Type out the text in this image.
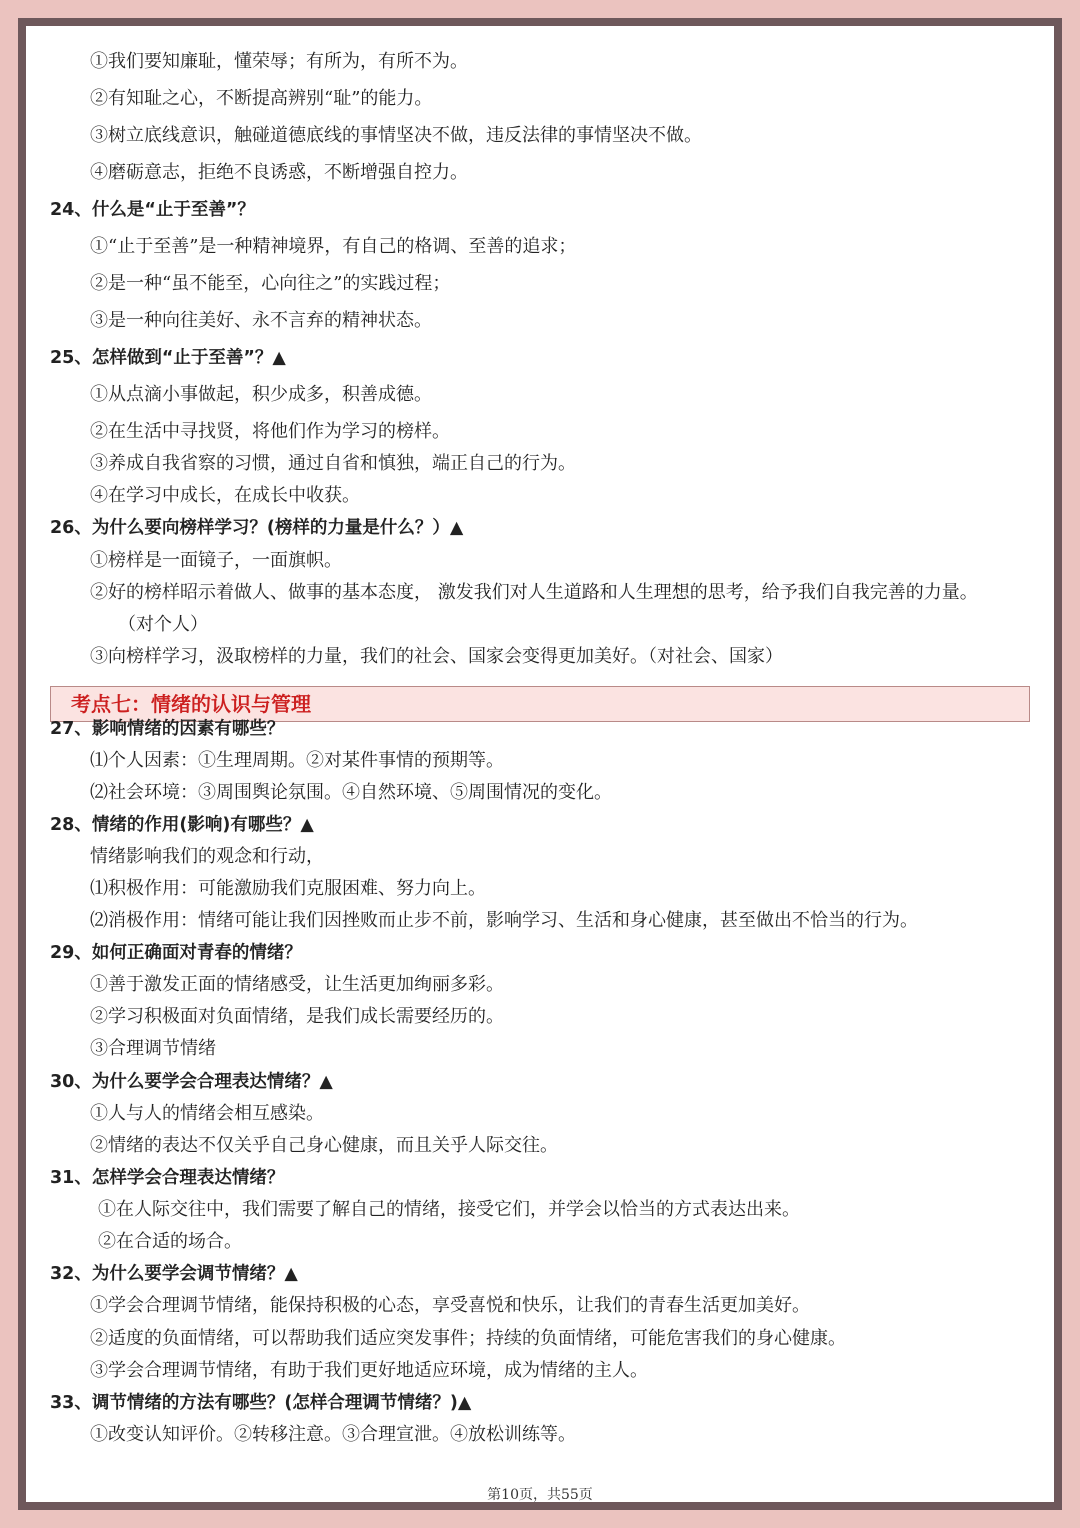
考点七：情绪的认识与管理
第10页，共55页
①我们要知廉耻，懂荣辱；有所为，有所不为。
②有知耻之心，不断提高辨别“耻”的能力。
③树立底线意识，触碰道德底线的事情坚决不做，违反法律的事情坚决不做。
④磨砺意志，拒绝不良诱惑，不断增强自控力。
24、什么是“止于至善”？
①“止于至善”是一种精神境界，有自己的格调、至善的追求；
②是一种“虽不能至，心向往之”的实践过程；
③是一种向往美好、永不言弃的精神状态。
25、怎样做到“止于至善”？▲
①从点滴小事做起，积少成多，积善成德。
②在生活中寻找贤，将他们作为学习的榜样。
③养成自我省察的习惯，通过自省和慎独，端正自己的行为。
④在学习中成长，在成长中收获。
26、为什么要向榜样学习？(榜样的力量是什么？）▲
①榜样是一面镜子，一面旗帜。
②好的榜样昭示着做人、做事的基本态度， 激发我们对人生道路和人生理想的思考，给予我们自我完善的力量。
（对个人）
③向榜样学习，汲取榜样的力量，我们的社会、国家会变得更加美好。（对社会、国家）
27、影响情绪的因素有哪些？
⑴个人因素：①生理周期。②对某件事情的预期等。
⑵社会环境：③周围舆论氛围。④自然环境、⑤周围情况的变化。
28、情绪的作用(影响)有哪些？▲
情绪影响我们的观念和行动，
⑴积极作用：可能激励我们克服困难、努力向上。
⑵消极作用：情绪可能让我们因挫败而止步不前，影响学习、生活和身心健康，甚至做出不恰当的行为。
29、如何正确面对青春的情绪？
①善于激发正面的情绪感受，让生活更加绚丽多彩。
②学习积极面对负面情绪，是我们成长需要经历的。
③合理调节情绪
30、为什么要学会合理表达情绪？▲
①人与人的情绪会相互感染。
②情绪的表达不仅关乎自己身心健康，而且关乎人际交往。
31、怎样学会合理表达情绪？
①在人际交往中，我们需要了解自己的情绪，接受它们，并学会以恰当的方式表达出来。
②在合适的场合。
32、为什么要学会调节情绪？▲
①学会合理调节情绪，能保持积极的心态，享受喜悦和快乐，让我们的青春生活更加美好。
②适度的负面情绪，可以帮助我们适应突发事件；持续的负面情绪，可能危害我们的身心健康。
③学会合理调节情绪，有助于我们更好地适应环境，成为情绪的主人。
33、调节情绪的方法有哪些？(怎样合理调节情绪？)▲
①改变认知评价。②转移注意。③合理宣泄。④放松训练等。
